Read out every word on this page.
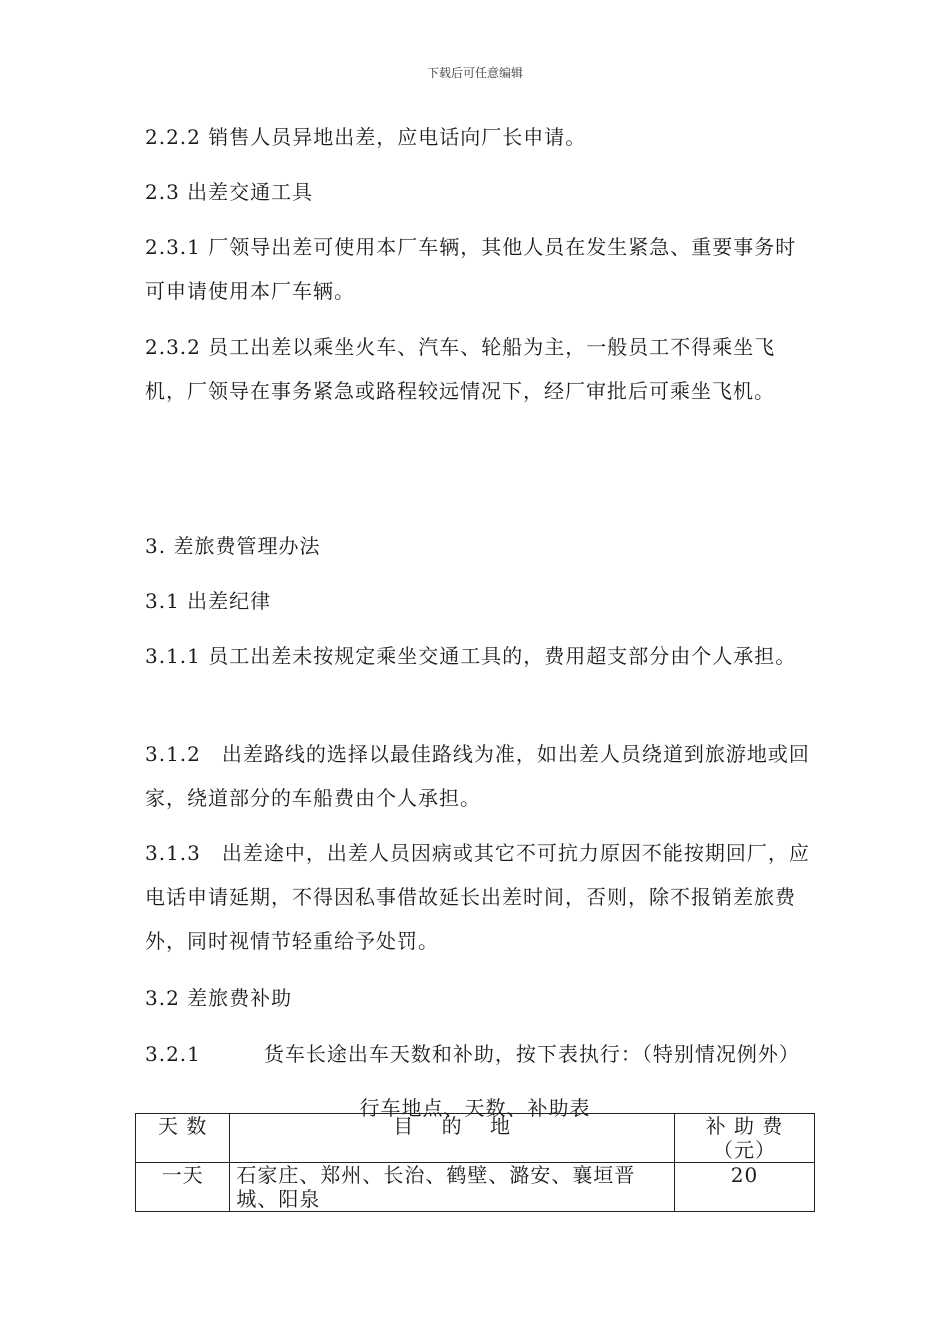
下载后可任意编辑

2.2.2 销售人员异地出差，应电话向厂长申请。

2.3 出差交通工具

2.3.1 厂领导出差可使用本厂车辆，其他人员在发生紧急、重要事务时可申请使用本厂车辆。

2.3.2 员工出差以乘坐火车、汽车、轮船为主，一般员工不得乘坐飞机，厂领导在事务紧急或路程较远情况下，经厂审批后可乘坐飞机。

3. 差旅费管理办法

3.1 出差纪律

3.1.1 员工出差未按规定乘坐交通工具的，费用超支部分由个人承担。

3.1.2　出差路线的选择以最佳路线为准，如出差人员绕道到旅游地或回家，绕道部分的车船费由个人承担。

3.1.3　出差途中，出差人员因病或其它不可抗力原因不能按期回厂，应电话申请延期，不得因私事借故延长出差时间，否则，除不报销差旅费外，同时视情节轻重给予处罚。

3.2 差旅费补助

3.2.1　　　货车长途出车天数和补助，按下表执行：（特别情况例外）

行车地点、天数、补助表
天 数	目 的 地	补 助 费（元）
一天	石家庄、郑州、长治、鹤壁、潞安、襄垣晋城、阳泉	20
